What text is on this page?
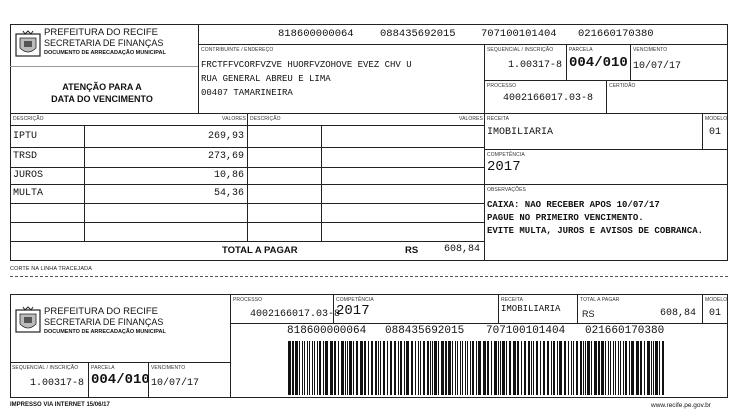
PREFEITURA DO RECIFE
SECRETARIA DE FINANÇAS
DOCUMENTO DE ARRECADAÇÃO MUNICIPAL
818600000064	088435692015 707100101404 021660170380
ATENÇÃO PARA A
DATA DO VENCIMENTO
CONTRIBUINTE / ENDEREÇO
FRCTFFVCORFVZVE HUORFVZOHOVE EVEZ CHV U
RUA GENERAL ABREU E LIMA
00407 TAMARINEIRA
SEQUENCIAL / INSCRIÇÃO
1.00317-8
PARCELA
004/010
VENCIMENTO
10/07/17
PROCESSO
4002166017.03-8
CERTIDÃO
DESCRIÇÃO	VALORES DESCRIÇÃO	VALORES
IPTU	269,93
TRSD	273,69
JUROS	10,86
MULTA	54,36
TOTAL A PAGAR	RS	608,84
RECEITA
IMOBILIARIA
MODELO
01
COMPETÊNCIA
2017
OBSERVAÇÕES
CAIXA: NAO RECEBER APOS 10/07/17
PAGUE NO PRIMEIRO VENCIMENTO.
EVITE MULTA, JUROS E AVISOS DE COBRANCA.
CORTE NA LINHA TRACEJADA
PREFEITURA DO RECIFE
SECRETARIA DE FINANÇAS
DOCUMENTO DE ARRECADAÇÃO MUNICIPAL
SEQUENCIAL / INSCRIÇÃO
1.00317-8
PARCELA
004/010
VENCIMENTO
10/07/17
PROCESSO
4002166017.03-8
COMPETÊNCIA
2017
RECEITA
IMOBILIARIA
TOTAL A PAGAR
RS	608,84
MODELO
01
818600000064 088435692015 707100101404 021660170380
IMPRESSO VIA INTERNET 15/06/17	www.recife.pe.gov.br
